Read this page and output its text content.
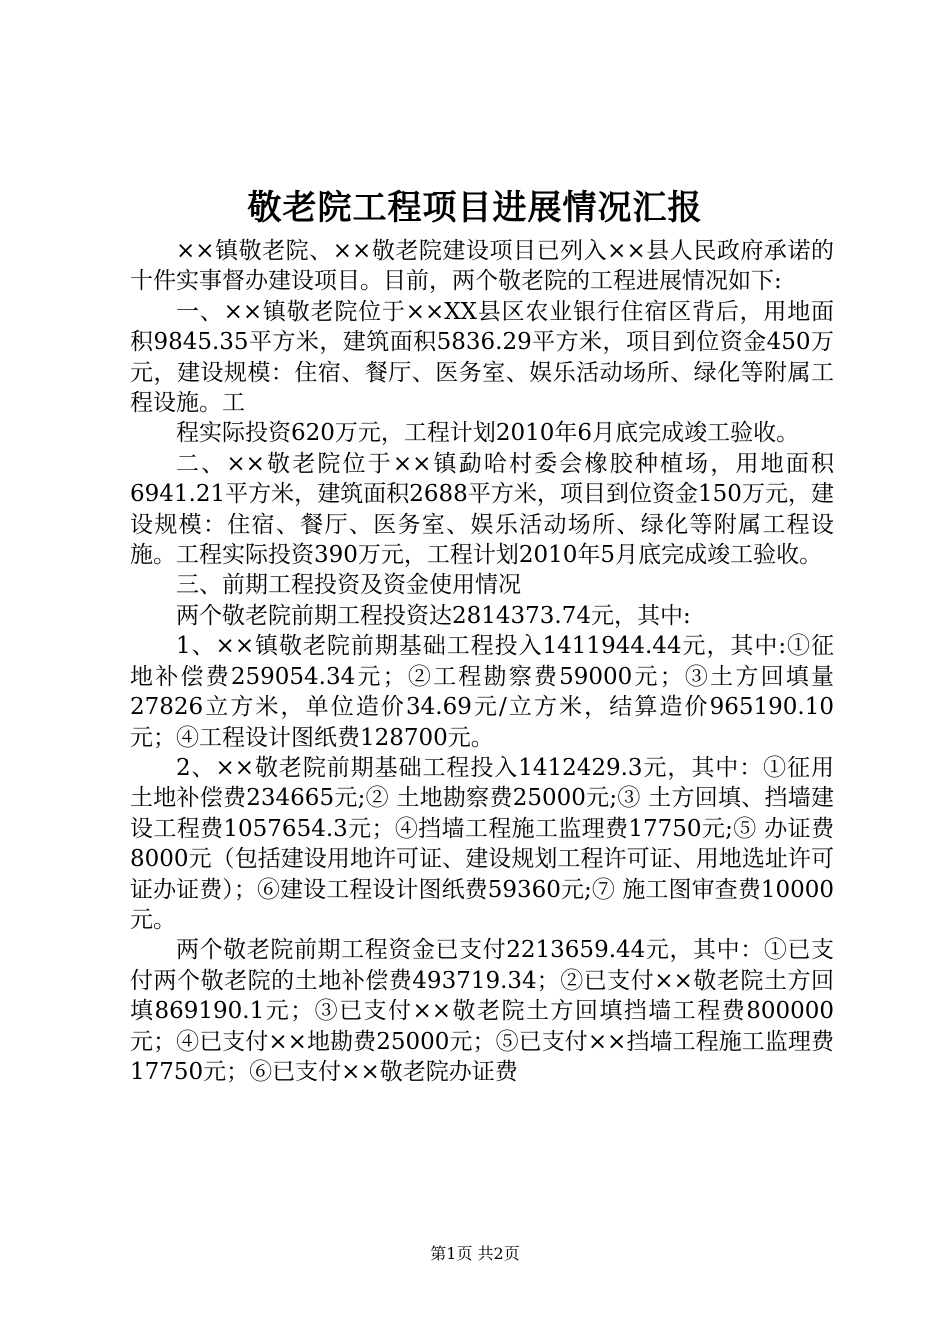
敬老院工程项目进展情况汇报

××镇敬老院、××敬老院建设项目已列入××县人民政府承诺的十件实事督办建设项目。目前，两个敬老院的工程进展情况如下:

一、××镇敬老院位于××XX县区农业银行住宿区背后，用地面积9845.35平方米，建筑面积5836.29平方米，项目到位资金450万元，建设规模：住宿、餐厅、医务室、娱乐活动场所、绿化等附属工程设施。工

程实际投资620万元，工程计划2010年6月底完成竣工验收。

二、××敬老院位于××镇勐哈村委会橡胶种植场，用地面积6941.21平方米，建筑面积2688平方米，项目到位资金150万元，建设规模：住宿、餐厅、医务室、娱乐活动场所、绿化等附属工程设施。工程实际投资390万元，工程计划2010年5月底完成竣工验收。

三、前期工程投资及资金使用情况

两个敬老院前期工程投资达2814373.74元，其中:

1、××镇敬老院前期基础工程投入1411944.44元，其中:①征地补偿费259054.34元；②工程勘察费59000元；③土方回填量27826立方米，单位造价34.69元/立方米，结算造价965190.10元；④工程设计图纸费128700元。

2、××敬老院前期基础工程投入1412429.3元，其中：①征用土地补偿费234665元;② 土地勘察费25000元;③ 土方回填、挡墙建设工程费1057654.3元；④挡墙工程施工监理费17750元;⑤ 办证费8000元（包括建设用地许可证、建设规划工程许可证、用地选址许可证办证费）；⑥建设工程设计图纸费59360元;⑦ 施工图审查费10000元。

两个敬老院前期工程资金已支付2213659.44元，其中：①已支付两个敬老院的土地补偿费493719.34；②已支付××敬老院土方回填869190.1元；③已支付××敬老院土方回填挡墙工程费800000元；④已支付××地勘费25000元；⑤已支付××挡墙工程施工监理费17750元；⑥已支付××敬老院办证费

第1页 共2页
